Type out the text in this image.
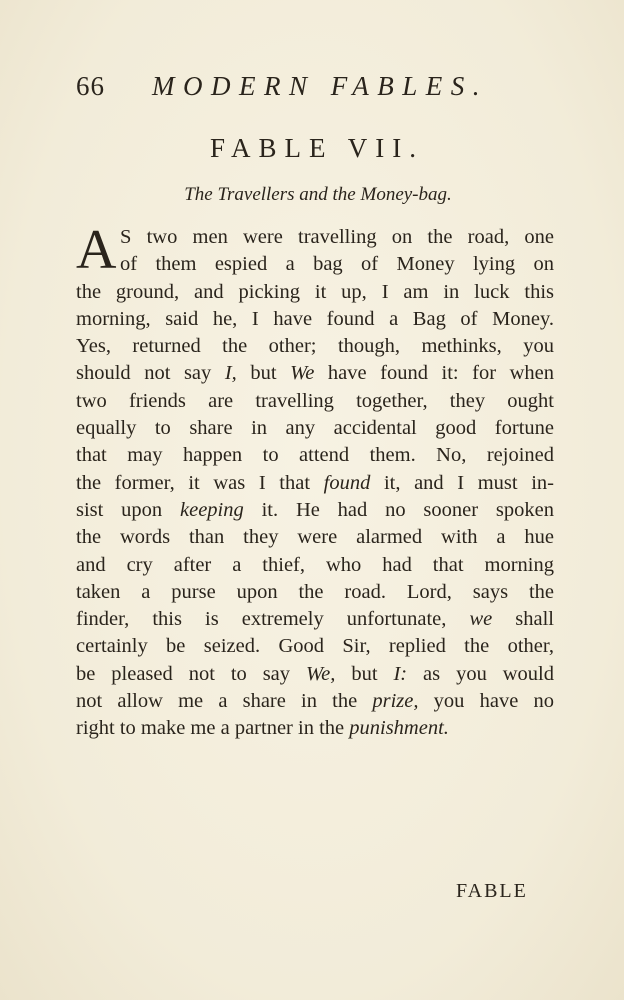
66 MODERN FABLES.
FABLE VII.
The Travellers and the Money-bag.
A S two men were travelling on the road, one
of them espied a bag of Money lying on
the ground, and picking it up, I am in luck this
morning, said he, I have found a Bag of Money.
Yes, returned the other; though, methinks, you
should not say I, but We have found it: for when
two friends are travelling together, they ought
equally to share in any accidental good fortune
that may happen to attend them. No, rejoined
the former, it was I that found it, and I must in-
sist upon keeping it. He had no sooner spoken
the words than they were alarmed with a hue
and cry after a thief, who had that morning
taken a purse upon the road. Lord, says the
finder, this is extremely unfortunate, we shall
certainly be seized. Good Sir, replied the other,
be pleased not to say We, but I: as you would
not allow me a share in the prize, you have no
right to make me a partner in the punishment.
FABLE
